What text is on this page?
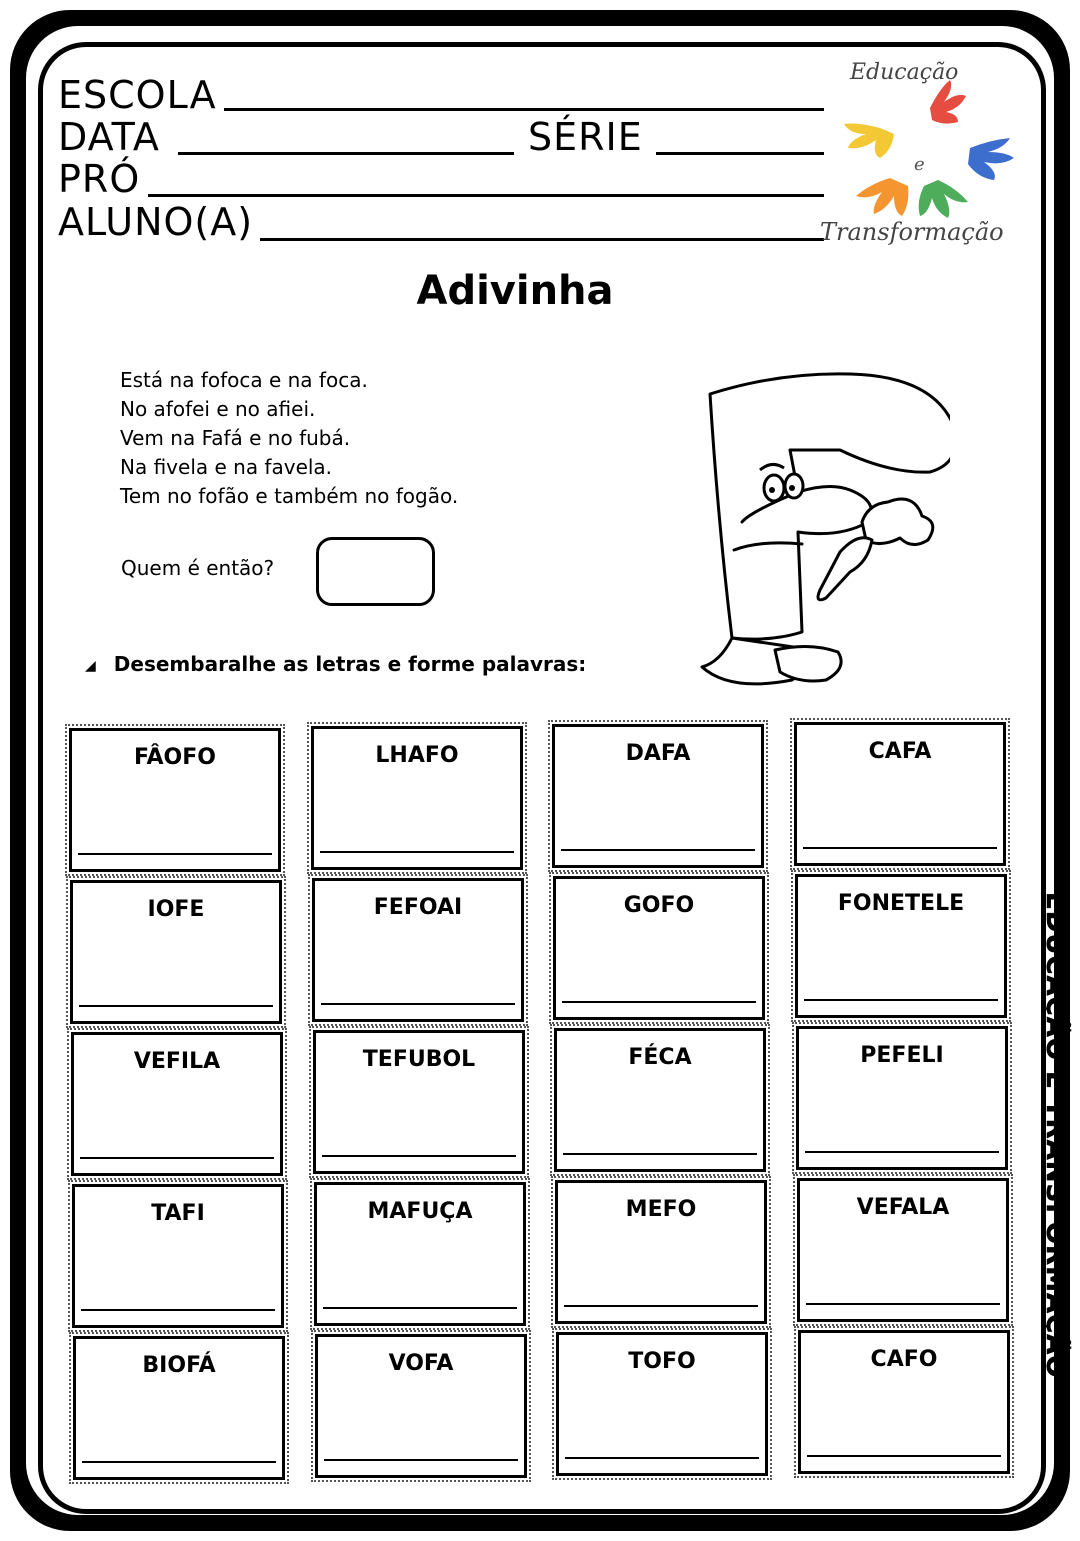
ESCOLA
DATA	SÉRIE
PRÓ
ALUNO(A)
Educação
e
Transformação
Adivinha
Está na fofoca e na foca.
No afofei e no afiei.
Vem na Fafá e no fubá.
Na fivela e na favela.
Tem no fofão e também no fogão.
Quem é então?
◢ Desembaralhe as letras e forme palavras:
FÂOFO	LHAFO	DAFA	CAFA
IOFE	FEFOAI	GOFO	FONETELE
VEFILA	TEFUBOL	FÉCA	PEFELI
TAFI	MAFUÇA	MEFO	VEFALA
BIOFÁ	VOFA	TOFO	CAFO	EDUCAÇÃO E TRANSFORMAÇÃO
